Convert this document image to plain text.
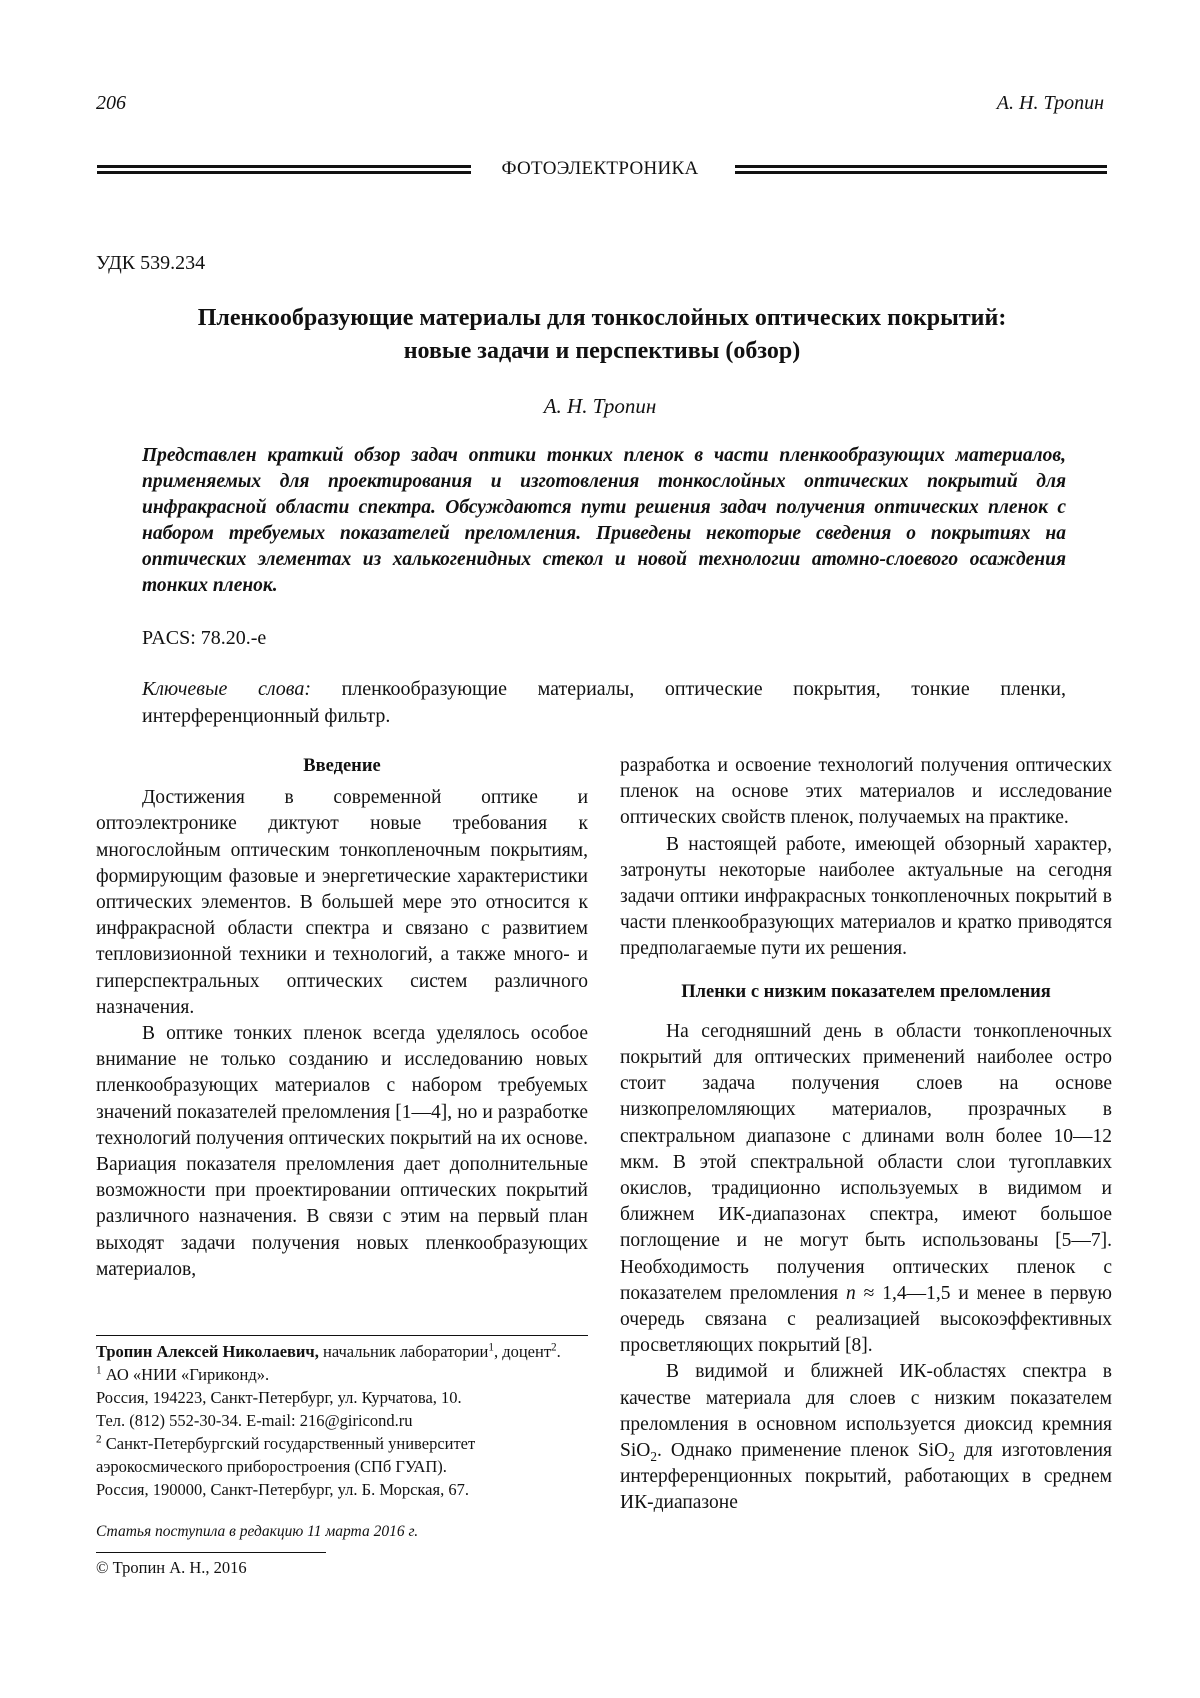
206	А. Н. Тропин
ФОТОЭЛЕКТРОНИКА
УДК 539.234
Пленкообразующие материалы для тонкослойных оптических покрытий:
новые задачи и перспективы (обзор)
А. Н. Тропин
Представлен краткий обзор задач оптики тонких пленок в части пленкообразующих материалов, применяемых для проектирования и изготовления тонкослойных оптических покрытий для инфракрасной области спектра. Обсуждаются пути решения задач получения оптических пленок с набором требуемых показателей преломления. Приведены некоторые сведения о покрытиях на оптических элементах из халькогенидных стекол и новой технологии атомно-слоевого осаждения тонких пленок.
PACS: 78.20.-e
Ключевые слова: пленкообразующие материалы, оптические покрытия, тонкие пленки, интерференционный фильтр.

Введение

Достижения в современной оптике и оптоэлектронике диктуют новые требования к многослойным оптическим тонкопленочным покрытиям, формирующим фазовые и энергетические характеристики оптических элементов. В большей мере это относится к инфракрасной области спектра и связано с развитием тепловизионной техники и технологий, а также много- и гиперспектральных оптических систем различного назначения.

В оптике тонких пленок всегда уделялось особое внимание не только созданию и исследованию новых пленкообразующих материалов с набором требуемых значений показателей преломления [1—4], но и разработке технологий получения оптических покрытий на их основе. Вариация показателя преломления дает дополнительные возможности при проектировании оптических покрытий различного назначения. В связи с этим на первый план выходят задачи получения новых пленкообразующих материалов,

разработка и освоение технологий получения оптических пленок на основе этих материалов и исследование оптических свойств пленок, получаемых на практике.

В настоящей работе, имеющей обзорный характер, затронуты некоторые наиболее актуальные на сегодня задачи оптики инфракрасных тонкопленочных покрытий в части пленкообразующих материалов и кратко приводятся предполагаемые пути их решения.

Пленки с низким показателем преломления

На сегодняшний день в области тонкопленочных покрытий для оптических применений наиболее остро стоит задача получения слоев на основе низкопреломляющих материалов, прозрачных в спектральном диапазоне с длинами волн более 10—12 мкм. В этой спектральной области слои тугоплавких окислов, традиционно используемых в видимом и ближнем ИК-диапазонах спектра, имеют большое поглощение и не могут быть использованы [5—7]. Необходимость получения оптических пленок с показателем преломления n ≈ 1,4—1,5 и менее в первую очередь связана с реализацией высокоэффективных просветляющих покрытий [8].

В видимой и ближней ИК-областях спектра в качестве материала для слоев с низким показателем преломления в основном используется диоксид кремния SiO$_2$. Однако применение пленок SiO$_2$ для изготовления интерференционных покрытий, работающих в среднем ИК-диапазоне

Тропин Алексей Николаевич, начальник лаборатории$^1$, доцент$^2$.

$^1$ АО «НИИ «Гириконд».

Россия, 194223, Санкт-Петербург, ул. Курчатова, 10.

Тел. (812) 552-30-34. E-mail: 216@giricond.ru

$^2$ Санкт-Петербургский государственный университет аэрокосмического приборостроения (СПб ГУАП).

Россия, 190000, Санкт-Петербург, ул. Б. Морская, 67.

Статья поступила в редакцию 11 марта 2016 г.
© Тропин А. Н., 2016
